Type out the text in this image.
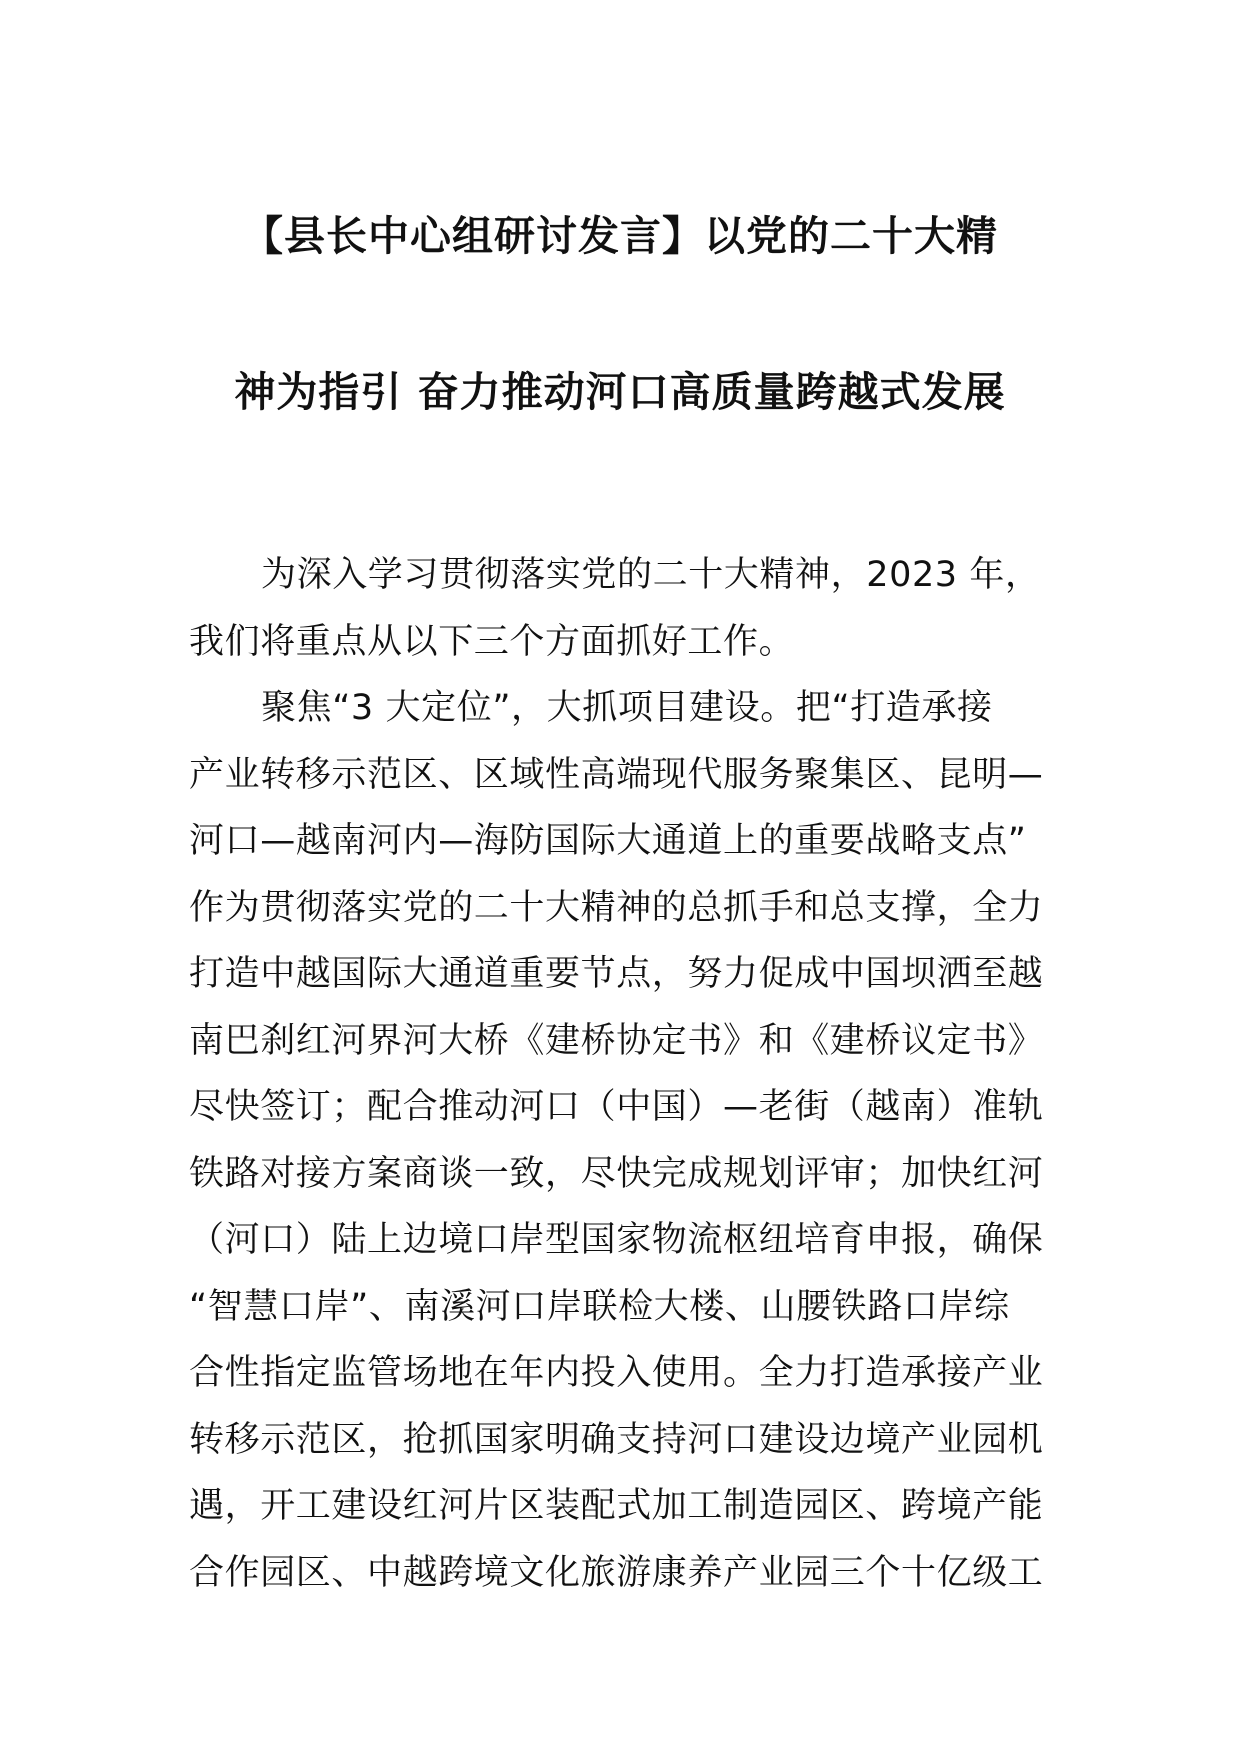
【县长中心组研讨发言】以党的二十大精
神为指引 奋力推动河口高质量跨越式发展
为深入学习贯彻落实党的二十大精神，2023 年，
我们将重点从以下三个方面抓好工作。
聚焦“3 大定位”，大抓项目建设。把“打造承接
产业转移示范区、区域性高端现代服务聚集区、昆明—
河口—越南河内—海防国际大通道上的重要战略支点”
作为贯彻落实党的二十大精神的总抓手和总支撑，全力
打造中越国际大通道重要节点，努力促成中国坝洒至越
南巴刹红河界河大桥《建桥协定书》和《建桥议定书》
尽快签订；配合推动河口（中国）—老街（越南）准轨
铁路对接方案商谈一致，尽快完成规划评审；加快红河
（河口）陆上边境口岸型国家物流枢纽培育申报，确保
“智慧口岸”、南溪河口岸联检大楼、山腰铁路口岸综
合性指定监管场地在年内投入使用。全力打造承接产业
转移示范区，抢抓国家明确支持河口建设边境产业园机
遇，开工建设红河片区装配式加工制造园区、跨境产能
合作园区、中越跨境文化旅游康养产业园三个十亿级工
